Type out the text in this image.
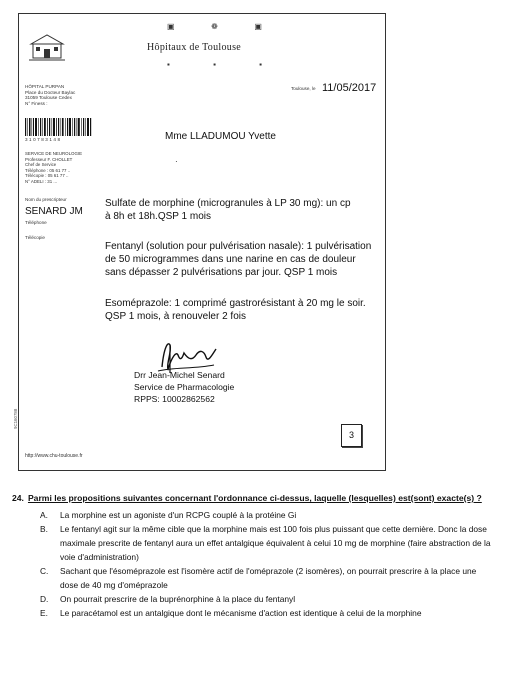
▣	❁	▣
Hôpitaux de Toulouse
▪	▪	▪
HÔPITAL PURPAN
Place du Docteur Baylac
31059 Toulouse Cedex
N° Finess :
310783148
SERVICE DE NEUROLOGIE
Professeur F. CHOLLET
Chef de Service
Téléphone : 05 61 77 ..
Télécopie : 05 61 77 ..
N° ADELI : 31 ...
Nom du prescripteur
SENARD JM
Téléphone
Télécopie
9C160788
http://www.chu-toulouse.fr
Toulouse, le 11/05/2017
Mme LLADUMOU Yvette
·
Sulfate de morphine (microgranules à LP 30 mg): un cp
à 8h et 18h.QSP 1 mois
Fentanyl (solution pour pulvérisation nasale): 1 pulvérisation
de 50 microgrammes dans une narine en cas de douleur
sans dépasser 2 pulvérisations par jour. QSP 1 mois
Esoméprazole: 1 comprimé gastrorésistant à 20 mg le soir.
QSP 1 mois, à renouveler 2 fois
Drr Jean-Michel Senard
Service de Pharmacologie
RPPS: 10002862562
3
24. Parmi les propositions suivantes concernant l'ordonnance ci-dessus, laquelle (lesquelles) est(sont) exacte(s) ?
A.	La morphine est un agoniste d'un RCPG couplé à la protéine Gi
B.	Le fentanyl agit sur la même cible que la morphine mais est 100 fois plus puissant que cette dernière. Donc la dose maximale prescrite de fentanyl aura un effet antalgique équivalent à celui 10 mg de morphine (faire abstraction de la voie d'administration)
C.	Sachant que l'ésoméprazole est l'isomère actif de l'oméprazole (2 isomères), on pourrait prescrire à la place une dose de 40 mg d'oméprazole
D.	On pourrait prescrire de la buprénorphine à la place du fentanyl
E.	Le paracétamol est un antalgique dont le mécanisme d'action est identique à celui de la morphine
